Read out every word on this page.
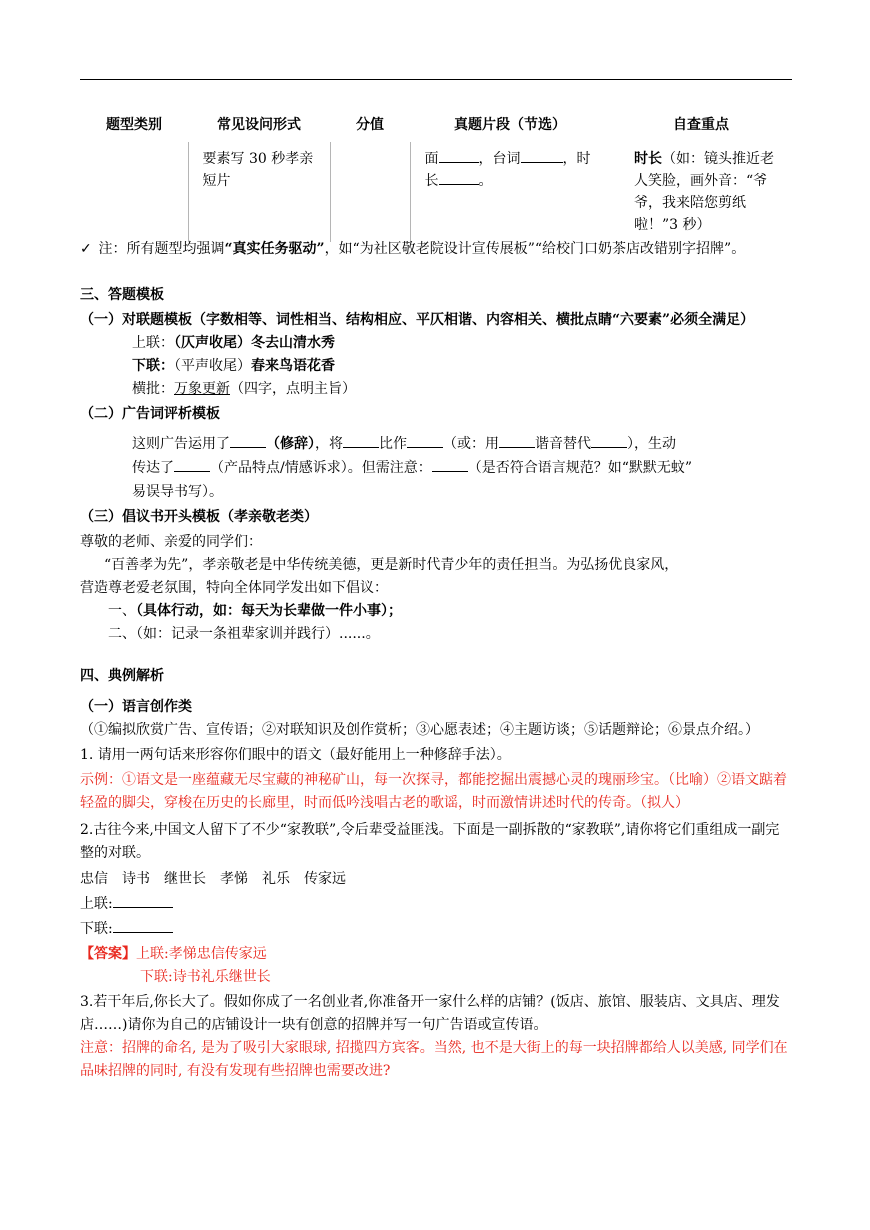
题型类别	常见设问形式	分值	真题片段（节选）	自查重点
	要素写 30 秒孝亲短片		面 ，台词 ，时长 。	时长（如：镜头推近老人笑脸，画外音：“爷爷，我来陪您剪纸啦！”3 秒）
✓ 注：所有题型均强调“真实任务驱动”，如“为社区敬老院设计宣传展板”“给校门口奶茶店改错别字招牌”。
三、答题模板
（一）对联题模板（字数相等、词性相当、结构相应、平仄相谐、内容相关、横批点睛“六要素”必须全满足）
上联：（仄声收尾）冬去山清水秀
下联：（平声收尾）春来鸟语花香
横批：万象更新（四字，点明主旨）
（二）广告词评析模板
这则广告运用了	（修辞），将	比作	（或：用	谐音替代	），生动
传达了	（产品特点/情感诉求）。但需注意：	（是否符合语言规范？如“默默无蚊”
易误导书写）。
（三）倡议书开头模板（孝亲敬老类）
尊敬的老师、亲爱的同学们：
“百善孝为先”，孝亲敬老是中华传统美德，更是新时代青少年的责任担当。为弘扬优良家风，
营造尊老爱老氛围，特向全体同学发出如下倡议：
一、（具体行动，如：每天为长辈做一件小事）；
二、（如：记录一条祖辈家训并践行）......。
四、典例解析
（一）语言创作类
（①编拟欣赏广告、宣传语；②对联知识及创作赏析；③心愿表述；④主题访谈；⑤话题辩论；⑥景点介绍。）
1. 请用一两句话来形容你们眼中的语文（最好能用上一种修辞手法）。
示例：①语文是一座蕴藏无尽宝藏的神秘矿山，每一次探寻，都能挖掘出震撼心灵的瑰丽珍宝。（比喻）②语文踮着轻盈的脚尖，穿梭在历史的长廊里，时而低吟浅唱古老的歌谣，时而激情讲述时代的传奇。（拟人）
2.古往今来,中国文人留下了不少“家教联”,令后辈受益匪浅。下面是一副拆散的“家教联”,请你将它们重组成一副完整的对联。
忠信 诗书 继世长 孝悌 礼乐 传家远
上联:
下联:
【答案】上联:孝悌忠信传家远
下联:诗书礼乐继世长
3.若干年后,你长大了。假如你成了一名创业者,你准备开一家什么样的店铺？(饭店、旅馆、服装店、文具店、理发店……)请你为自己的店铺设计一块有创意的招牌并写一句广告语或宣传语。
注意：招牌的命名, 是为了吸引大家眼球, 招揽四方宾客。当然, 也不是大街上的每一块招牌都给人以美感, 同学们在品味招牌的同时, 有没有发现有些招牌也需要改进?
